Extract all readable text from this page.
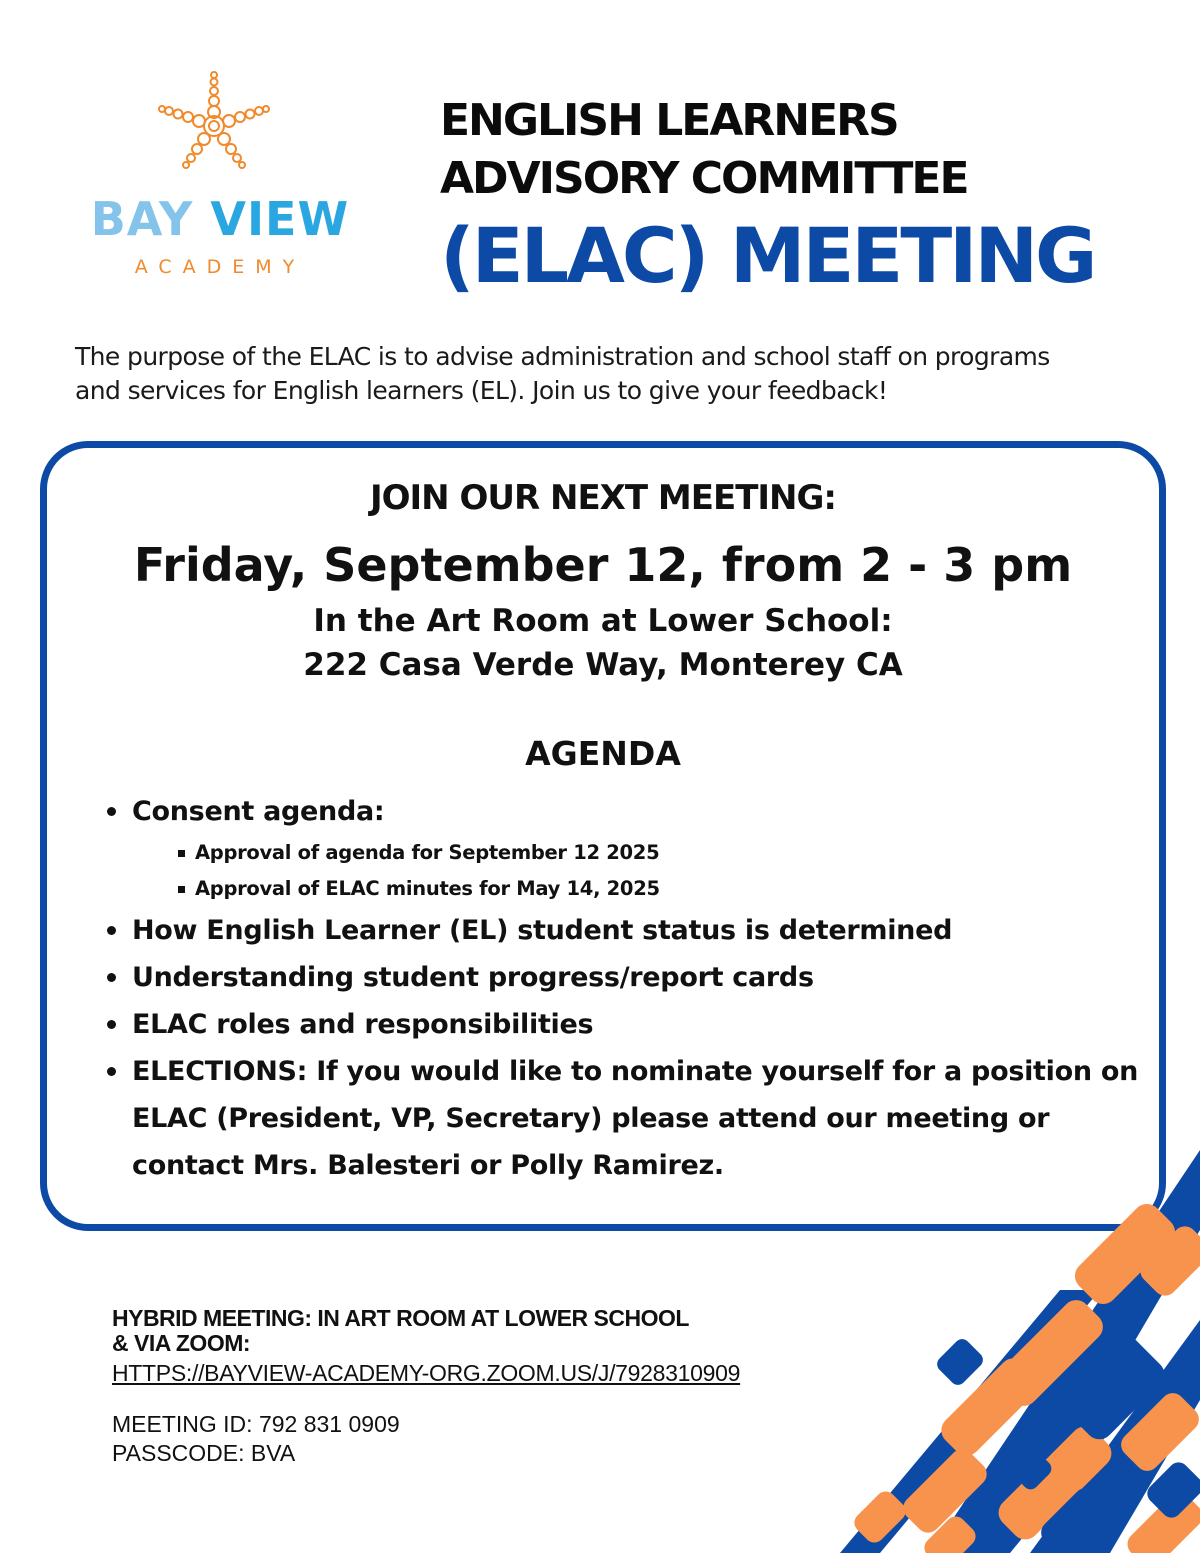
BAY VIEW
ACADEMY
ENGLISH LEARNERS
ADVISORY COMMITTEE
(ELAC) MEETING
The purpose of the ELAC is to advise administration and school staff on programs
and services for English learners (EL). Join us to give your feedback!
JOIN OUR NEXT MEETING:
Friday, September 12, from 2 - 3 pm
In the Art Room at Lower School:
222 Casa Verde Way, Monterey CA
AGENDA
Consent agenda:
Approval of agenda for September 12 2025
Approval of ELAC minutes for May 14, 2025
How English Learner (EL) student status is determined
Understanding student progress/report cards
ELAC roles and responsibilities
ELECTIONS: If you would like to nominate yourself for a position on
ELAC (President, VP, Secretary) please attend our meeting or
contact Mrs. Balesteri or Polly Ramirez.
HYBRID MEETING: IN ART ROOM AT LOWER SCHOOL
& VIA ZOOM:
HTTPS://BAYVIEW-ACADEMY-ORG.ZOOM.US/J/7928310909
MEETING ID: 792 831 0909
PASSCODE: BVA
